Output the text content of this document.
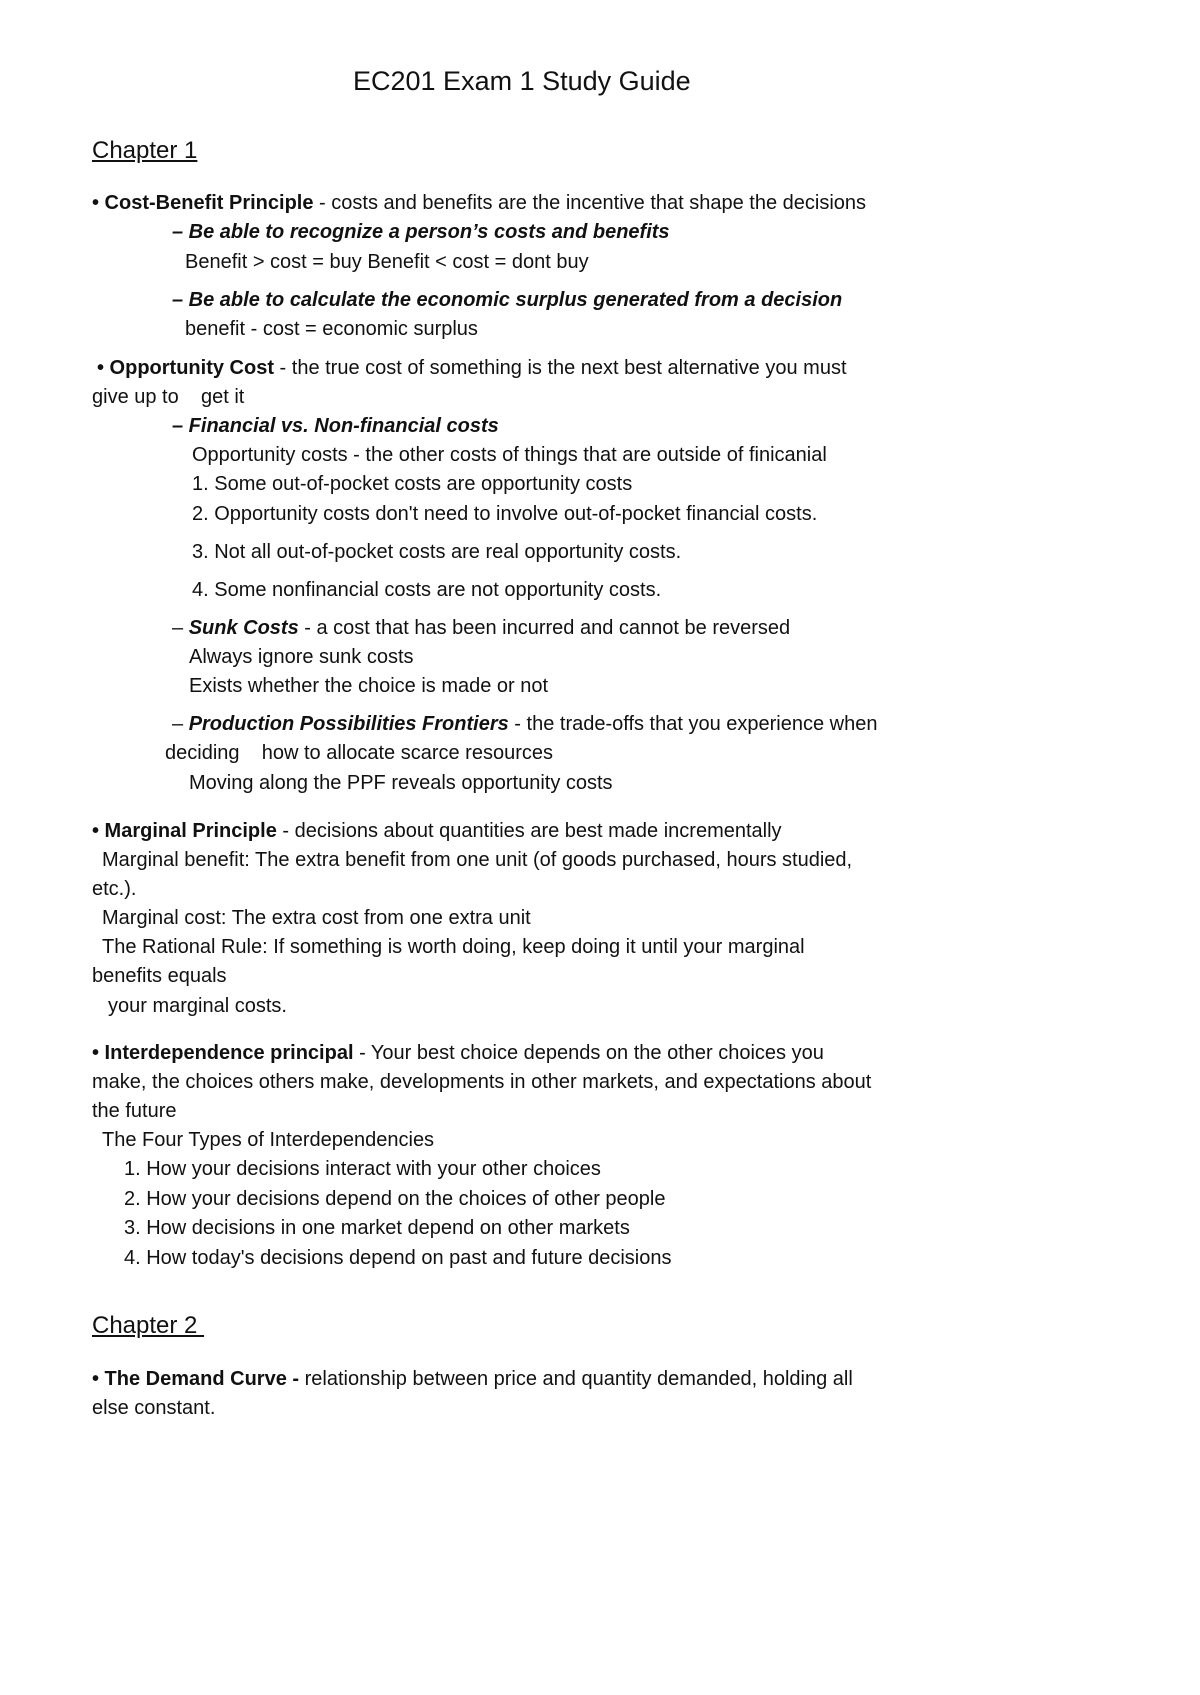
EC201 Exam 1 Study Guide
Chapter 1
• Cost-Benefit Principle - costs and benefits are the incentive that shape the decisions
– Be able to recognize a person’s costs and benefits
Benefit > cost = buy Benefit < cost = dont buy
– Be able to calculate the economic surplus generated from a decision
benefit - cost = economic surplus
• Opportunity Cost - the true cost of something is the next best alternative you must
give up to    get it
– Financial vs. Non-financial costs
Opportunity costs - the other costs of things that are outside of finicanial
1. Some out-of-pocket costs are opportunity costs
2. Opportunity costs don't need to involve out-of-pocket financial costs.
3. Not all out-of-pocket costs are real opportunity costs.
4. Some nonfinancial costs are not opportunity costs.
– Sunk Costs - a cost that has been incurred and cannot be reversed
Always ignore sunk costs
Exists whether the choice is made or not
– Production Possibilities Frontiers - the trade-offs that you experience when
deciding    how to allocate scarce resources
Moving along the PPF reveals opportunity costs
• Marginal Principle - decisions about quantities are best made incrementally
Marginal benefit: The extra benefit from one unit (of goods purchased, hours studied,
etc.).
Marginal cost: The extra cost from one extra unit
The Rational Rule: If something is worth doing, keep doing it until your marginal
benefits equals
your marginal costs.
• Interdependence principal - Your best choice depends on the other choices you
make, the choices others make, developments in other markets, and expectations about
the future
The Four Types of Interdependencies
1. How your decisions interact with your other choices
2. How your decisions depend on the choices of other people
3. How decisions in one market depend on other markets
4. How today's decisions depend on past and future decisions
Chapter 2
• The Demand Curve - relationship between price and quantity demanded, holding all
else constant.
